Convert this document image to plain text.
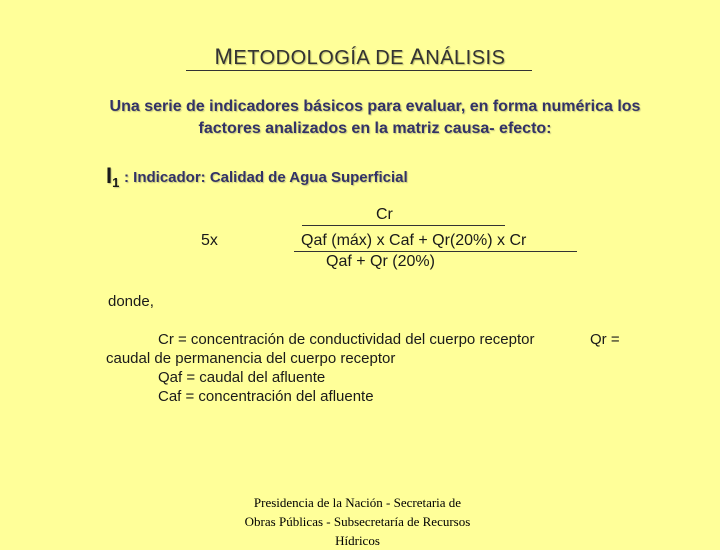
METODOLOGÍA DE ANÁLISIS
Una serie de indicadores básicos para evaluar, en forma numérica los factores analizados en la matriz causa- efecto:
I1 : Indicador: Calidad de Agua Superficial
5x
Cr
Qaf (máx) x Caf + Qr(20%) x Cr
Qaf + Qr (20%)
donde,
Cr = concentración de conductividad del cuerpo receptor	Qr =
caudal de permanencia del cuerpo receptor
Qaf = caudal del afluente
Caf = concentración del afluente
Presidencia de la Nación - Secretaria de Obras Públicas - Subsecretaría de Recursos Hídricos
